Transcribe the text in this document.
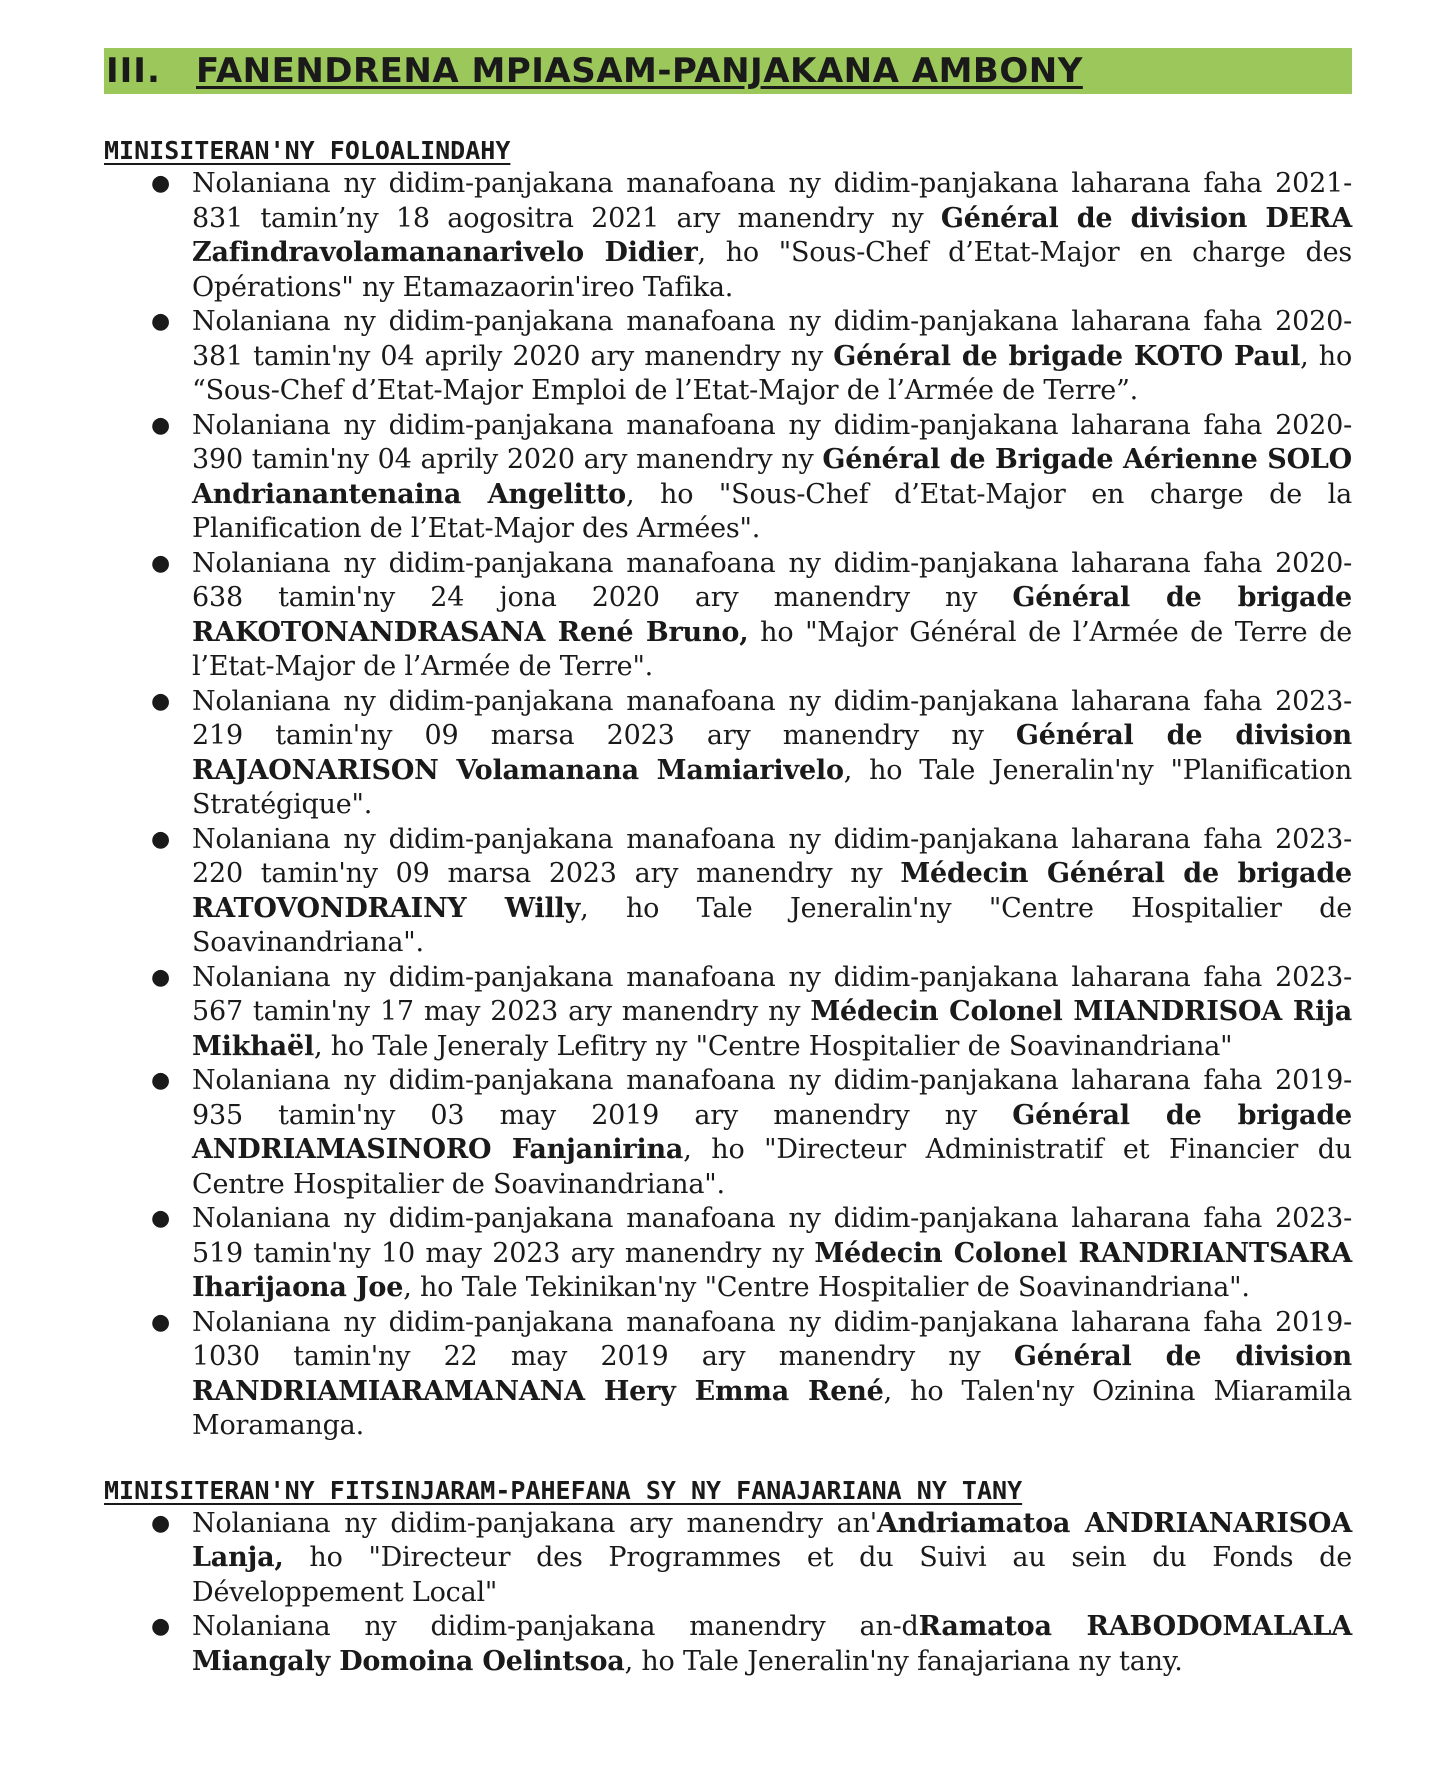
III.	FANENDRENA MPIASAM-PANJAKANA AMBONY
MINISITERAN'NY FOLOALINDAHY
● Nolaniana ny didim-panjakana manafoana ny didim-panjakana laharana faha 2021-831 tamin’ny 18 aogositra 2021 ary manendry ny Général de division DERA Zafindravolamananarivelo Didier, ho "Sous-Chef d’Etat-Major en charge des Opérations" ny Etamazaorin'ireo Tafika.
● Nolaniana ny didim-panjakana manafoana ny didim-panjakana laharana faha 2020-381 tamin'ny 04 aprily 2020 ary manendry ny Général de brigade KOTO Paul, ho “Sous-Chef d’Etat-Major Emploi de l’Etat-Major de l’Armée de Terre”.
● Nolaniana ny didim-panjakana manafoana ny didim-panjakana laharana faha 2020-390 tamin'ny 04 aprily 2020 ary manendry ny Général de Brigade Aérienne SOLO Andrianantenaina Angelitto, ho "Sous-Chef d’Etat-Major en charge de la Planification de l’Etat-Major des Armées".
● Nolaniana ny didim-panjakana manafoana ny didim-panjakana laharana faha 2020-638 tamin'ny 24 jona 2020 ary manendry ny Général de brigade RAKOTONANDRASANA René Bruno, ho "Major Général de l’Armée de Terre de l’Etat-Major de l’Armée de Terre".
● Nolaniana ny didim-panjakana manafoana ny didim-panjakana laharana faha 2023-219 tamin'ny 09 marsa 2023 ary manendry ny Général de division RAJAONARISON Volamanana Mamiarivelo, ho Tale Jeneralin'ny "Planification Stratégique".
● Nolaniana ny didim-panjakana manafoana ny didim-panjakana laharana faha 2023-220 tamin'ny 09 marsa 2023 ary manendry ny Médecin Général de brigade RATOVONDRAINY Willy, ho Tale Jeneralin'ny "Centre Hospitalier de Soavinandriana".
● Nolaniana ny didim-panjakana manafoana ny didim-panjakana laharana faha 2023-567 tamin'ny 17 may 2023 ary manendry ny Médecin Colonel MIANDRISOA Rija Mikhaël, ho Tale Jeneraly Lefitry ny "Centre Hospitalier de Soavinandriana"
● Nolaniana ny didim-panjakana manafoana ny didim-panjakana laharana faha 2019-935 tamin'ny 03 may 2019 ary manendry ny Général de brigade ANDRIAMASINORO Fanjanirina, ho "Directeur Administratif et Financier du Centre Hospitalier de Soavinandriana".
● Nolaniana ny didim-panjakana manafoana ny didim-panjakana laharana faha 2023-519 tamin'ny 10 may 2023 ary manendry ny Médecin Colonel RANDRIANTSARA Iharijaona Joe, ho Tale Tekinikan'ny "Centre Hospitalier de Soavinandriana".
● Nolaniana ny didim-panjakana manafoana ny didim-panjakana laharana faha 2019-1030 tamin'ny 22 may 2019 ary manendry ny Général de division RANDRIAMIARAMANANA Hery Emma René, ho Talen'ny Ozinina Miaramila Moramanga.
MINISITERAN'NY FITSINJARAM-PAHEFANA SY NY FANAJARIANA NY TANY
● Nolaniana ny didim-panjakana ary manendry an'Andriamatoa ANDRIANARISOA Lanja, ho "Directeur des Programmes et du Suivi au sein du Fonds de Développement Local"
● Nolaniana ny didim-panjakana manendry an-dRamatoa RABODOMALALA Miangaly Domoina Oelintsoa, ho Tale Jeneralin'ny fanajariana ny tany.
